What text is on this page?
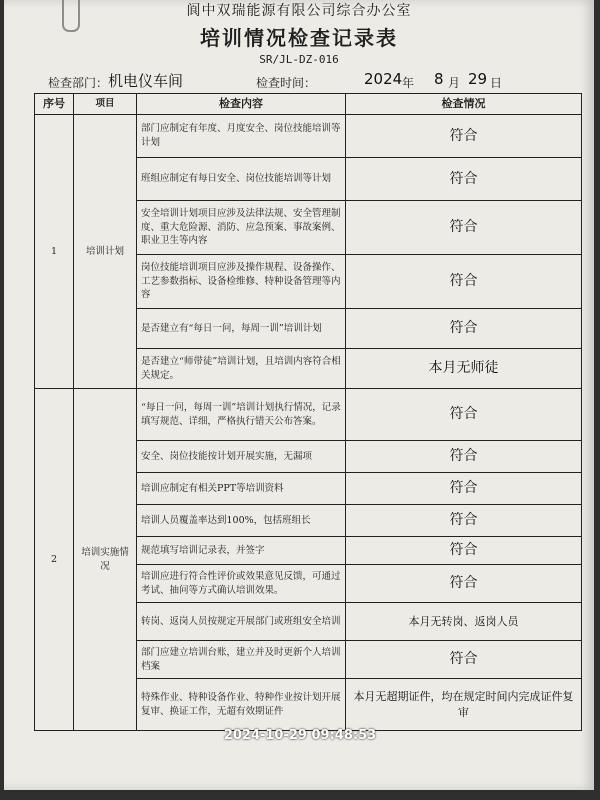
阆中双瑞能源有限公司综合办公室
培训情况检查记录表
SR/JL-DZ-016
检查部门： 机电仪车间	检查时间：	2024 年 8 月 29 日
序号	项目	检查内容	检查情况
1	培训计划	部门应制定有年度、月度安全、岗位技能培训等计划	符合
		班组应制定有每日安全、岗位技能培训等计划	符合
		安全培训计划项目应涉及法律法规、安全管理制度、重大危险源、消防、应急预案、事故案例、职业卫生等内容	符合
		岗位技能培训项目应涉及操作规程、设备操作、工艺参数指标、设备检维修、特种设备管理等内容	符合
		是否建立有“每日一问，每周一训”培训计划	符合
		是否建立“师带徒”培训计划，且培训内容符合相关规定。	本月无师徒
2	培训实施情况	“每日一问，每周一训”培训计划执行情况，记录填写规范、详细，严格执行错天公布答案。	符合
		安全、岗位技能按计划开展实施，无漏项	符合
		培训应制定有相关PPT等培训资料	符合
		培训人员覆盖率达到100%，包括班组长	符合
		规范填写培训记录表，并签字	符合
		培训应进行符合性评价或效果意见反馈，可通过考试、抽问等方式确认培训效果。	符合
		转岗、返岗人员按规定开展部门或班组安全培训	本月无转岗、返岗人员
		部门应建立培训台账，建立并及时更新个人培训档案	符合
		特殊作业、特种设备作业、特种作业按计划开展复审、换证工作，无超有效期证件	本月无超期证件，均在规定时间内完成证件复审
2024-10-29 09:48:53
